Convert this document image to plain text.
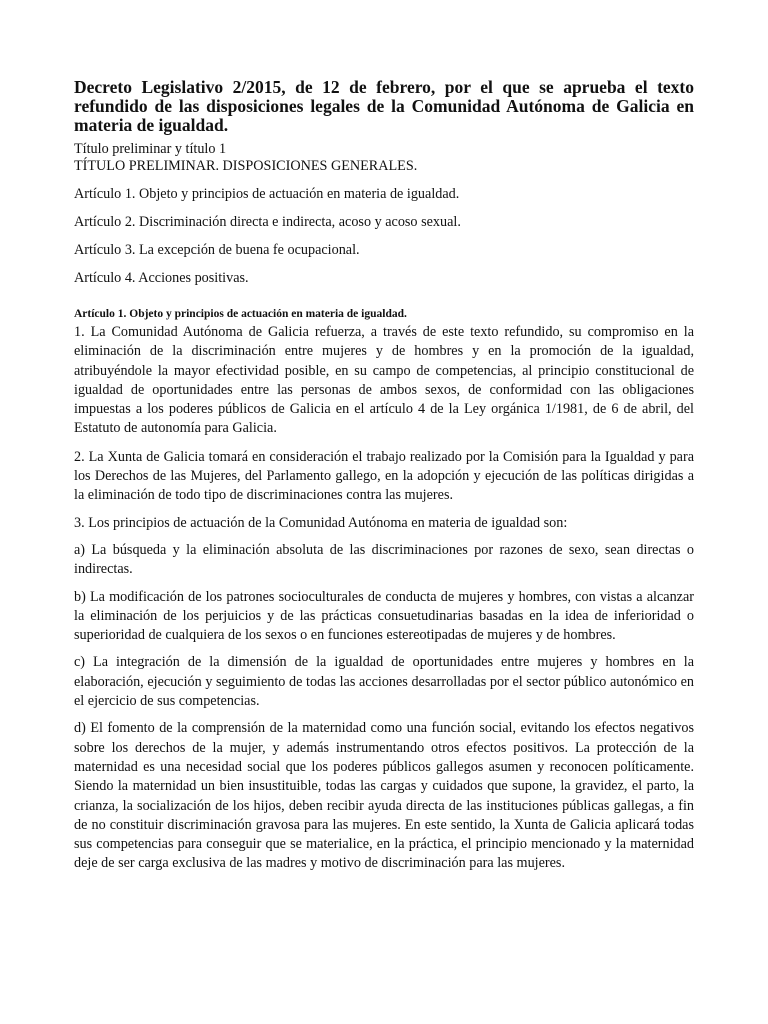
Decreto Legislativo 2/2015, de 12 de febrero, por el que se aprueba el texto refundido de las disposiciones legales de la Comunidad Autónoma de Galicia en materia de igualdad.
Título preliminar y título 1
TÍTULO PRELIMINAR. DISPOSICIONES GENERALES.

Artículo 1. Objeto y principios de actuación en materia de igualdad.

Artículo 2. Discriminación directa e indirecta, acoso y acoso sexual.

Artículo 3. La excepción de buena fe ocupacional.

Artículo 4. Acciones positivas.

Artículo 1. Objeto y principios de actuación en materia de igualdad.

1. La Comunidad Autónoma de Galicia refuerza, a través de este texto refundido, su compromiso en la eliminación de la discriminación entre mujeres y de hombres y en la promoción de la igualdad, atribuyéndole la mayor efectividad posible, en su campo de competencias, al principio constitucional de igualdad de oportunidades entre las personas de ambos sexos, de conformidad con las obligaciones impuestas a los poderes públicos de Galicia en el artículo 4 de la Ley orgánica 1/1981, de 6 de abril, del Estatuto de autonomía para Galicia.

2. La Xunta de Galicia tomará en consideración el trabajo realizado por la Comisión para la Igualdad y para los Derechos de las Mujeres, del Parlamento gallego, en la adopción y ejecución de las políticas dirigidas a la eliminación de todo tipo de discriminaciones contra las mujeres.

3. Los principios de actuación de la Comunidad Autónoma en materia de igualdad son:

a) La búsqueda y la eliminación absoluta de las discriminaciones por razones de sexo, sean directas o indirectas.

b) La modificación de los patrones socioculturales de conducta de mujeres y hombres, con vistas a alcanzar la eliminación de los perjuicios y de las prácticas consuetudinarias basadas en la idea de inferioridad o superioridad de cualquiera de los sexos o en funciones estereotipadas de mujeres y de hombres.

c) La integración de la dimensión de la igualdad de oportunidades entre mujeres y hombres en la elaboración, ejecución y seguimiento de todas las acciones desarrolladas por el sector público autonómico en el ejercicio de sus competencias.

d) El fomento de la comprensión de la maternidad como una función social, evitando los efectos negativos sobre los derechos de la mujer, y además instrumentando otros efectos positivos. La protección de la maternidad es una necesidad social que los poderes públicos gallegos asumen y reconocen políticamente. Siendo la maternidad un bien insustituible, todas las cargas y cuidados que supone, la gravidez, el parto, la crianza, la socialización de los hijos, deben recibir ayuda directa de las instituciones públicas gallegas, a fin de no constituir discriminación gravosa para las mujeres. En este sentido, la Xunta de Galicia aplicará todas sus competencias para conseguir que se materialice, en la práctica, el principio mencionado y la maternidad deje de ser carga exclusiva de las madres y motivo de discriminación para las mujeres.
